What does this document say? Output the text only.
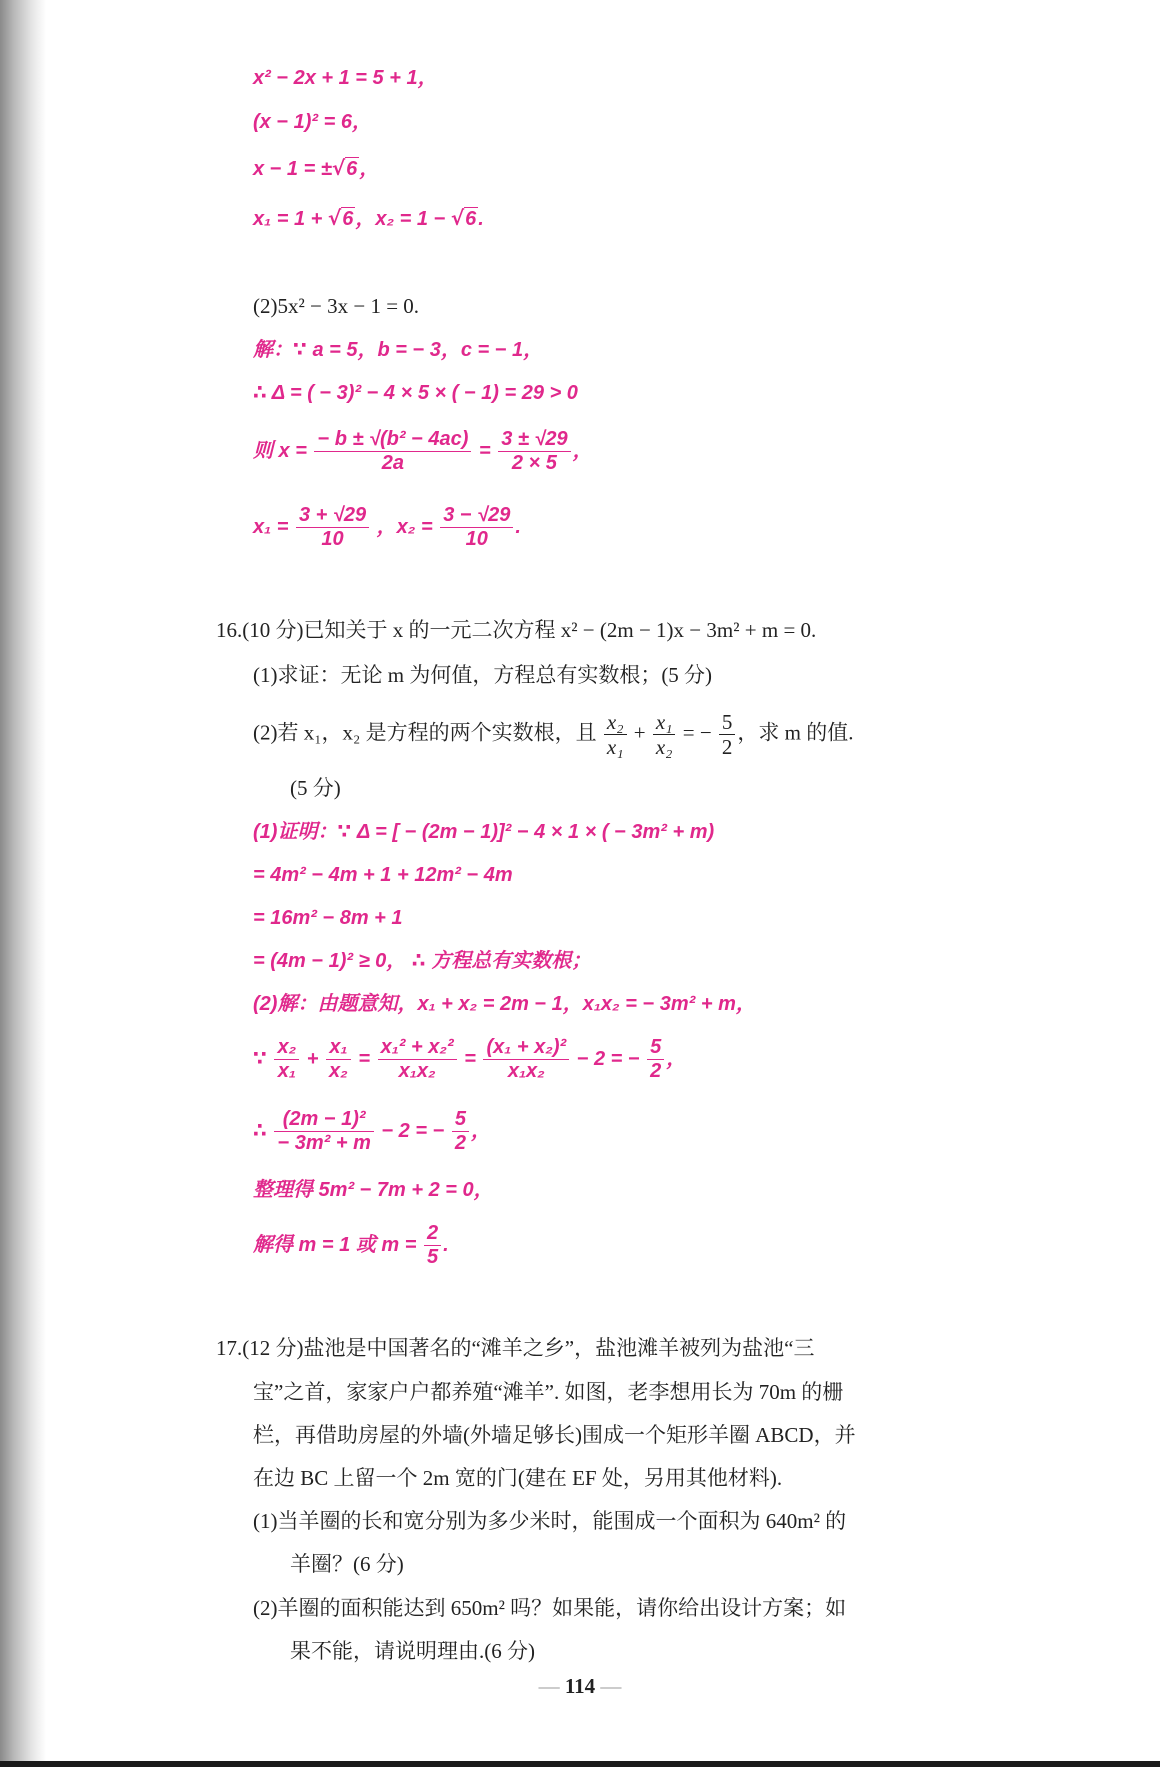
x² − 2x + 1 = 5 + 1，
(x − 1)² = 6，
x − 1 = ±√6 ，
x₁ = 1 + √6 ，x₂ = 1 − √6 .
(2)5x² − 3x − 1 = 0.
解：∵ a = 5，b = − 3，c = − 1，
∴ Δ = ( − 3)² − 4 × 5 × ( − 1) = 29 > 0
则 $x = \frac{\text{− b ± √(b² − 4ac)}}{2a} = \frac{3 \pm √29}{2 \times 5}$ ，
$x_1 = \frac{3 + √29}{10}$ ，$x_2 = \frac{3 - √29}{10}$ .
16.(10 分)已知关于 x 的一元二次方程 x² − (2m − 1)x − 3m² + m = 0.
(1)求证：无论 m 为何值，方程总有实数根；(5 分)
(2)若 x₁，x₂ 是方程的两个实数根，且 $\frac{\text{x₂}}{\text{x₁}} + \frac{\text{x₁}}{\text{x₂}}$ = − $\frac{5}{2}$ ，求 m 的值.
(5 分)
(1)证明：∵ Δ = [ − (2m − 1)]² − 4 × 1 × ( − 3m² + m)
= 4m² − 4m + 1 + 12m² − 4m
= 16m² − 8m + 1
= (4m − 1)² ≥ 0， ∴ 方程总有实数根；
(2)解：由题意知，x₁ + x₂ = 2m − 1，x₁x₂ = − 3m² + m，
∵ $\frac{\text{x₂}}{\text{x₁}} + \frac{\text{x₁}}{\text{x₂}} = \frac{\text{x₁² + x₂²}}{\text{x₁x₂}} = \frac{\text{(x₁ + x₂)²}}{\text{x₁x₂}} - 2$ = − $\frac{5}{2}$ ，
∴ $\frac{\text{(2m − 1)²}}{\text{− 3m² + m}} - 2$ = − $\frac{5}{2}$ ，
整理得 5m² − 7m + 2 = 0，
解得 m = 1 或 $m = \frac{2}{5}$ .
17.(12 分)盐池是中国著名的“滩羊之乡”，盐池滩羊被列为盐池“三
宝”之首，家家户户都养殖“滩羊”. 如图，老李想用长为 70m 的栅
栏，再借助房屋的外墙(外墙足够长)围成一个矩形羊圈 ABCD，并
在边 BC 上留一个 2m 宽的门(建在 EF 处，另用其他材料).
(1)当羊圈的长和宽分别为多少米时，能围成一个面积为 640m² 的
羊圈？(6 分)
(2)羊圈的面积能达到 650m² 吗？如果能，请你给出设计方案；如
果不能，请说明理由.(6 分)
— 114 —
